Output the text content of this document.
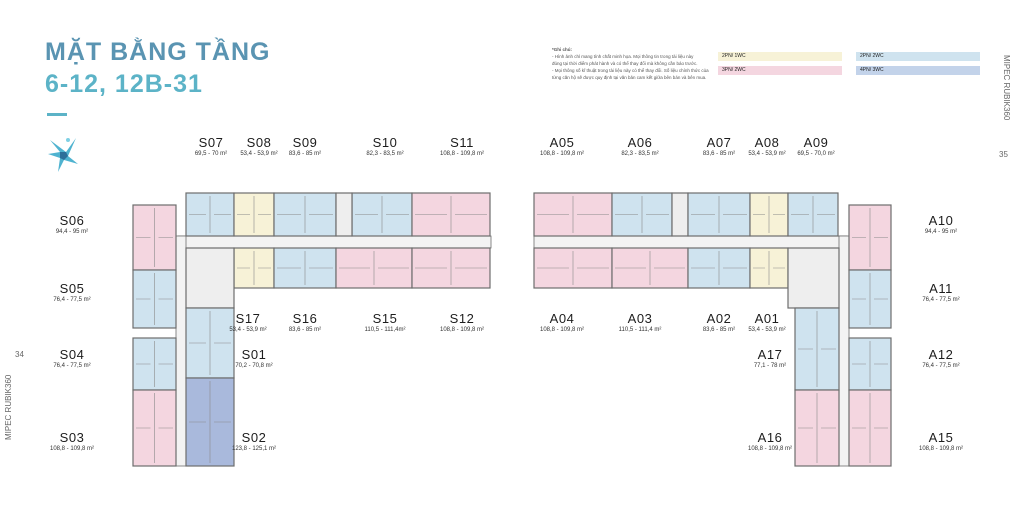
MẶT BẰNG TẦNG
6-12, 12B-31
MIPEC RUBIK360
MIPEC RUBIK360
34
35
*Ghi chú:
- Hình ảnh chỉ mang tính chất minh họa. Mọi thông tin trong tài liệu này
đúng tại thời điểm phát hành và có thể thay đổi mà không cần báo trước.
- Mọi thông số kĩ thuật trong tài liệu này có thể thay đổi. Số liệu chính thức của
từng căn hộ sẽ được quy định tại văn bản cam kết giữa bên bán và bên mua.
2PN/ 1WC	2PN/ 2WC
3PN/ 2WC	4PN/ 3WC
S07
69,5 - 70 m²
S08
53,4 - 53,9 m²
S09
83,6 - 85 m²
S10
82,3 - 83,5 m²
S11
108,8 - 109,8 m²
A05
108,8 - 109,8 m²
A06
82,3 - 83,5 m²
A07
83,6 - 85 m²
A08
53,4 - 53,9 m²
A09
69,5 - 70,0 m²
S06
94,4 - 95 m²
S05
76,4 - 77,5 m²
S04
76,4 - 77,5 m²
S03
108,8 - 109,8 m²
S17
53,4 - 53,9 m²
S16
83,6 - 85 m²
S15
110,5 - 111,4m²
S12
108,8 - 109,8 m²
S01
70,2 - 70,8 m²
S02
123,8 - 125,1 m²
A04
108,8 - 109,8 m²
A03
110,5 - 111,4 m²
A02
83,6 - 85 m²
A01
53,4 - 53,9 m²
A10
94,4 - 95 m²
A11
76,4 - 77,5 m²
A12
76,4 - 77,5 m²
A17
77,1 - 78 m²
A16
108,8 - 109,8 m²
A15
108,8 - 109,8 m²
